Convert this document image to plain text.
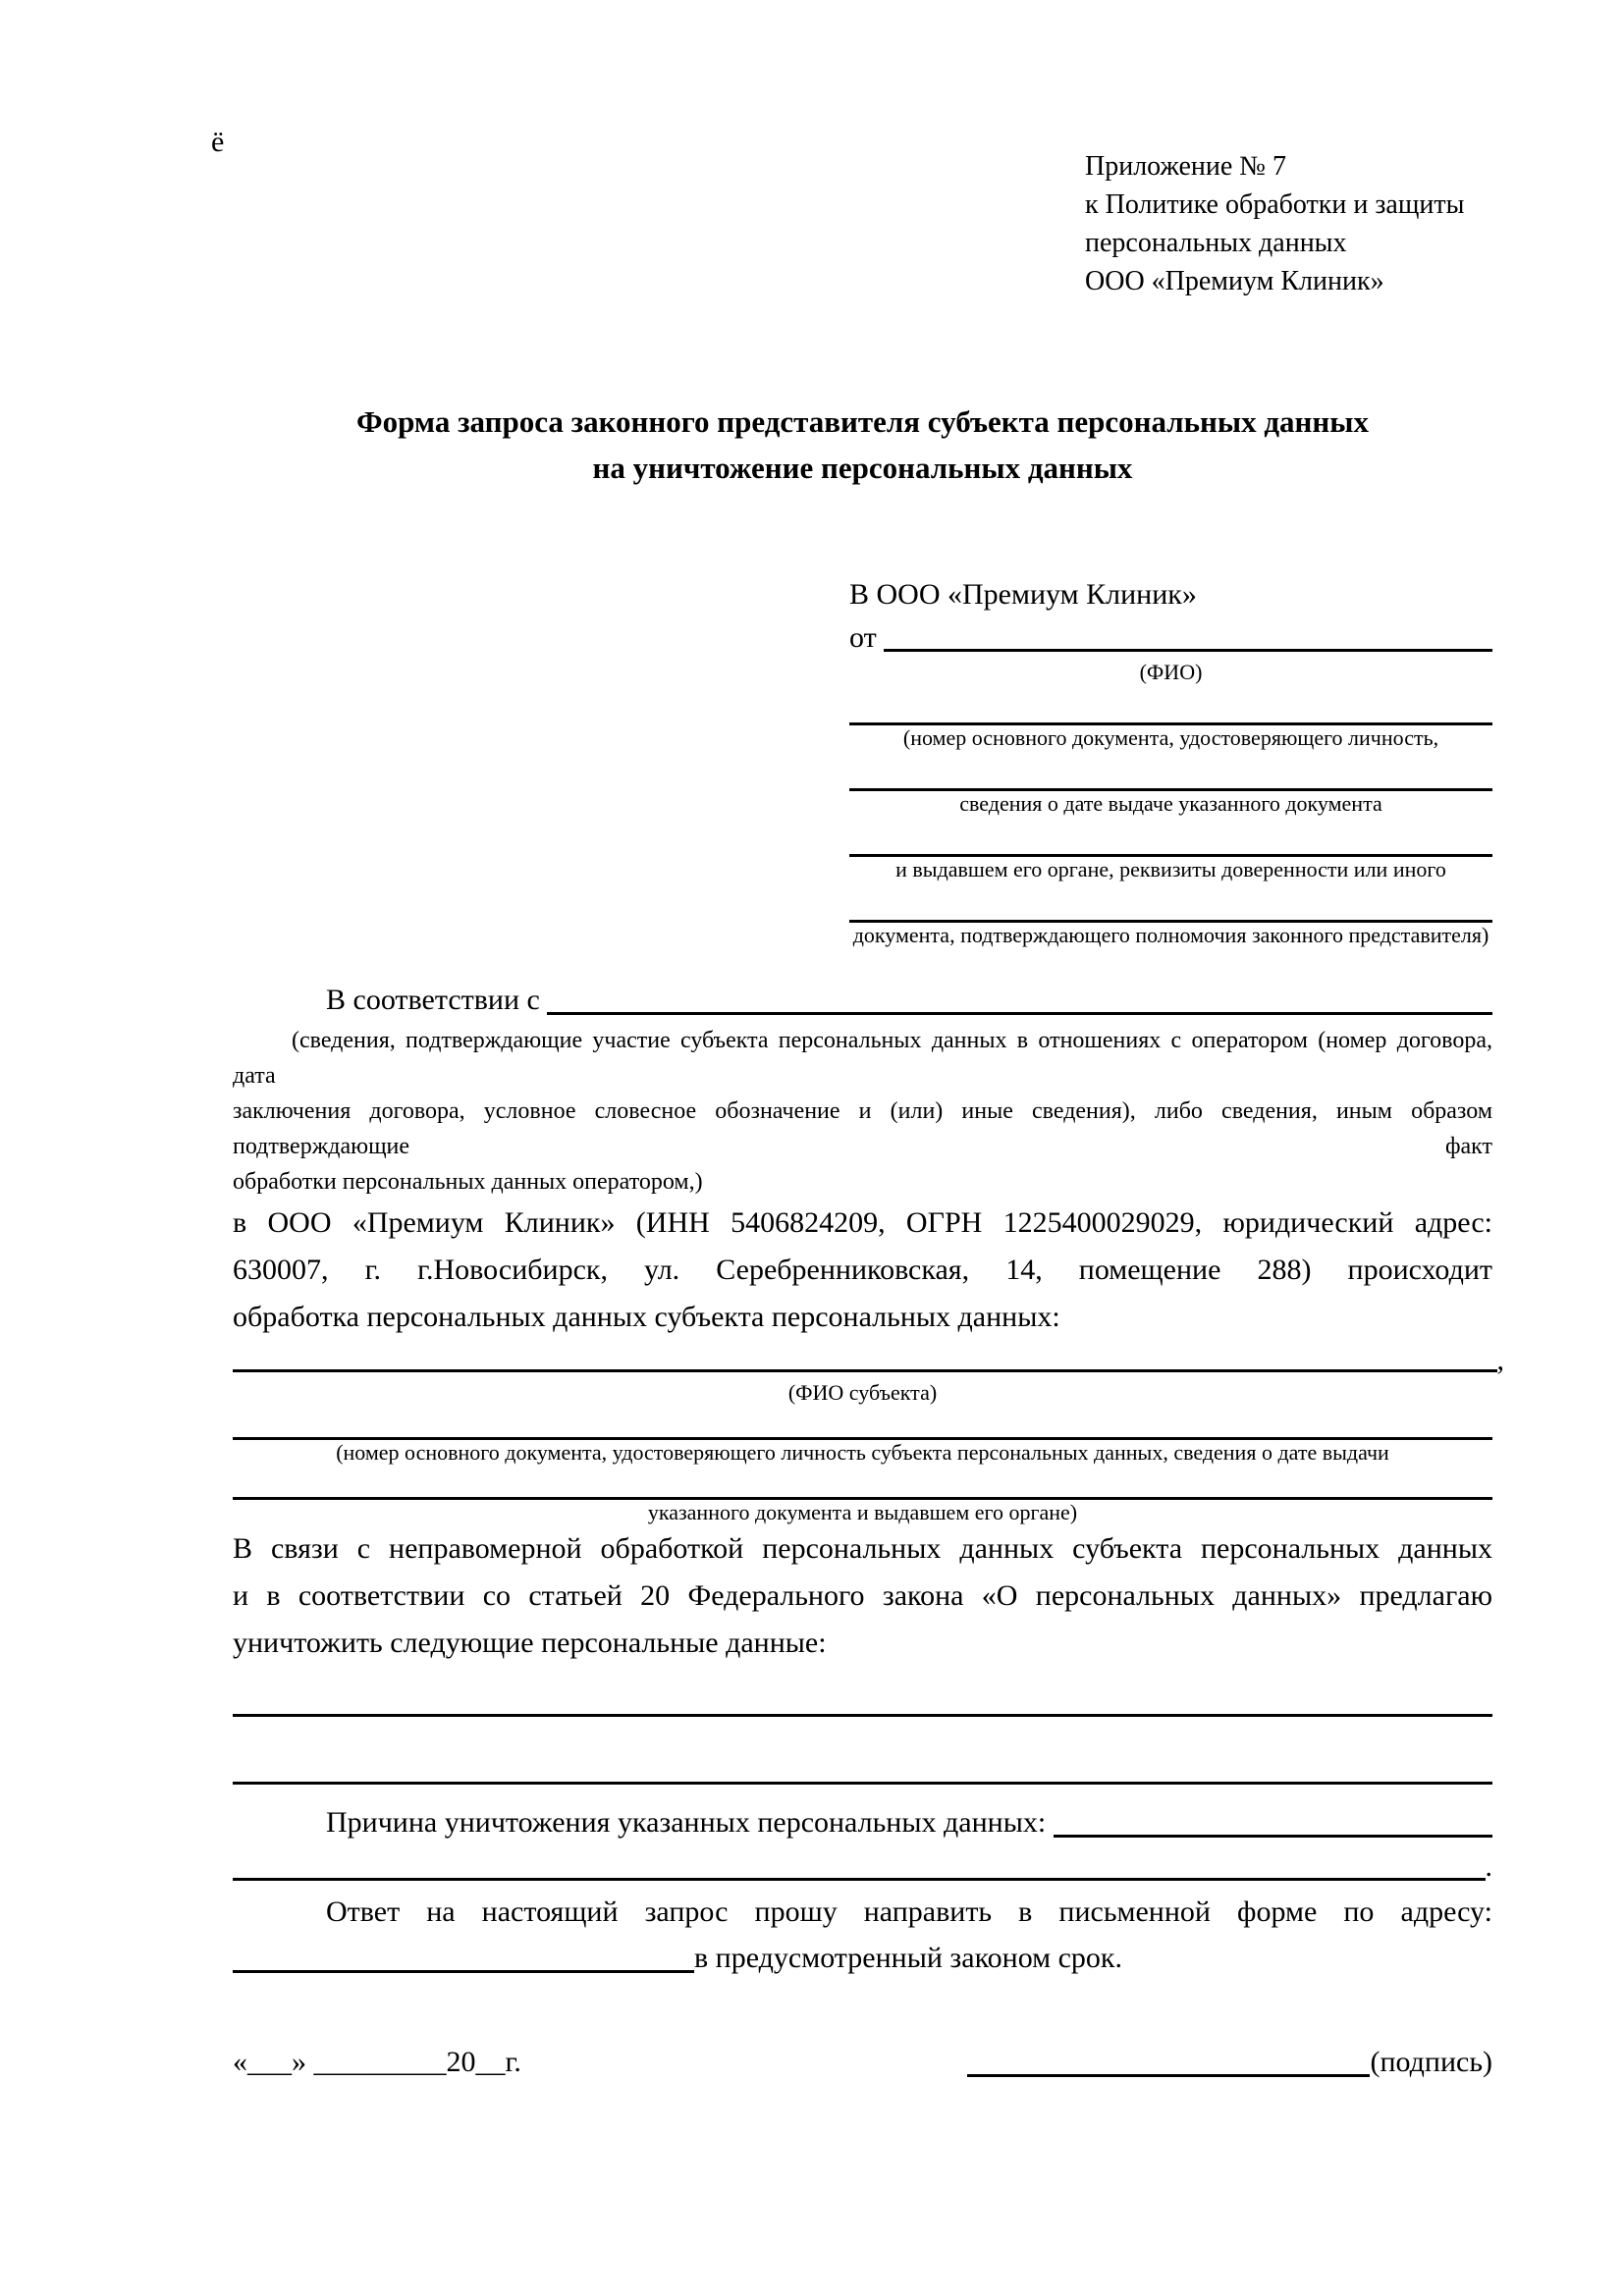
ё
Приложение № 7
к Политике обработки и защиты
персональных данных
ООО «Премиум Клиник»
Форма запроса законного представителя субъекта персональных данных
на уничтожение персональных данных
В ООО «Премиум Клиник»
от
(ФИО)
(номер основного документа, удостоверяющего личность,
сведения о дате выдаче указанного документа
и выдавшем его органе, реквизиты доверенности или иного
документа, подтверждающего полномочия законного представителя)
В соответствии с
(сведения, подтверждающие участие субъекта персональных данных в отношениях с оператором (номер договора, дата
заключения договора, условное словесное обозначение и (или) иные сведения), либо сведения, иным образом подтверждающие факт
обработки персональных данных оператором,)
в ООО «Премиум Клиник» (ИНН 5406824209, ОГРН 1225400029029, юридический адрес:
630007, г. г.Новосибирск, ул. Серебренниковская, 14, помещение 288) происходит
обработка персональных данных субъекта персональных данных:
,
(ФИО субъекта)
(номер основного документа, удостоверяющего личность субъекта персональных данных, сведения о дате выдачи
указанного документа и выдавшем его органе)
В связи с неправомерной обработкой персональных данных субъекта персональных данных
и в соответствии со статьей 20 Федерального закона «О персональных данных» предлагаю
уничтожить следующие персональные данные:
Причина уничтожения указанных персональных данных:
.
Ответ на настоящий запрос прошу направить в письменной форме по адресу:
в предусмотренный законом срок.
«___» _________20__г.	(подпись)
